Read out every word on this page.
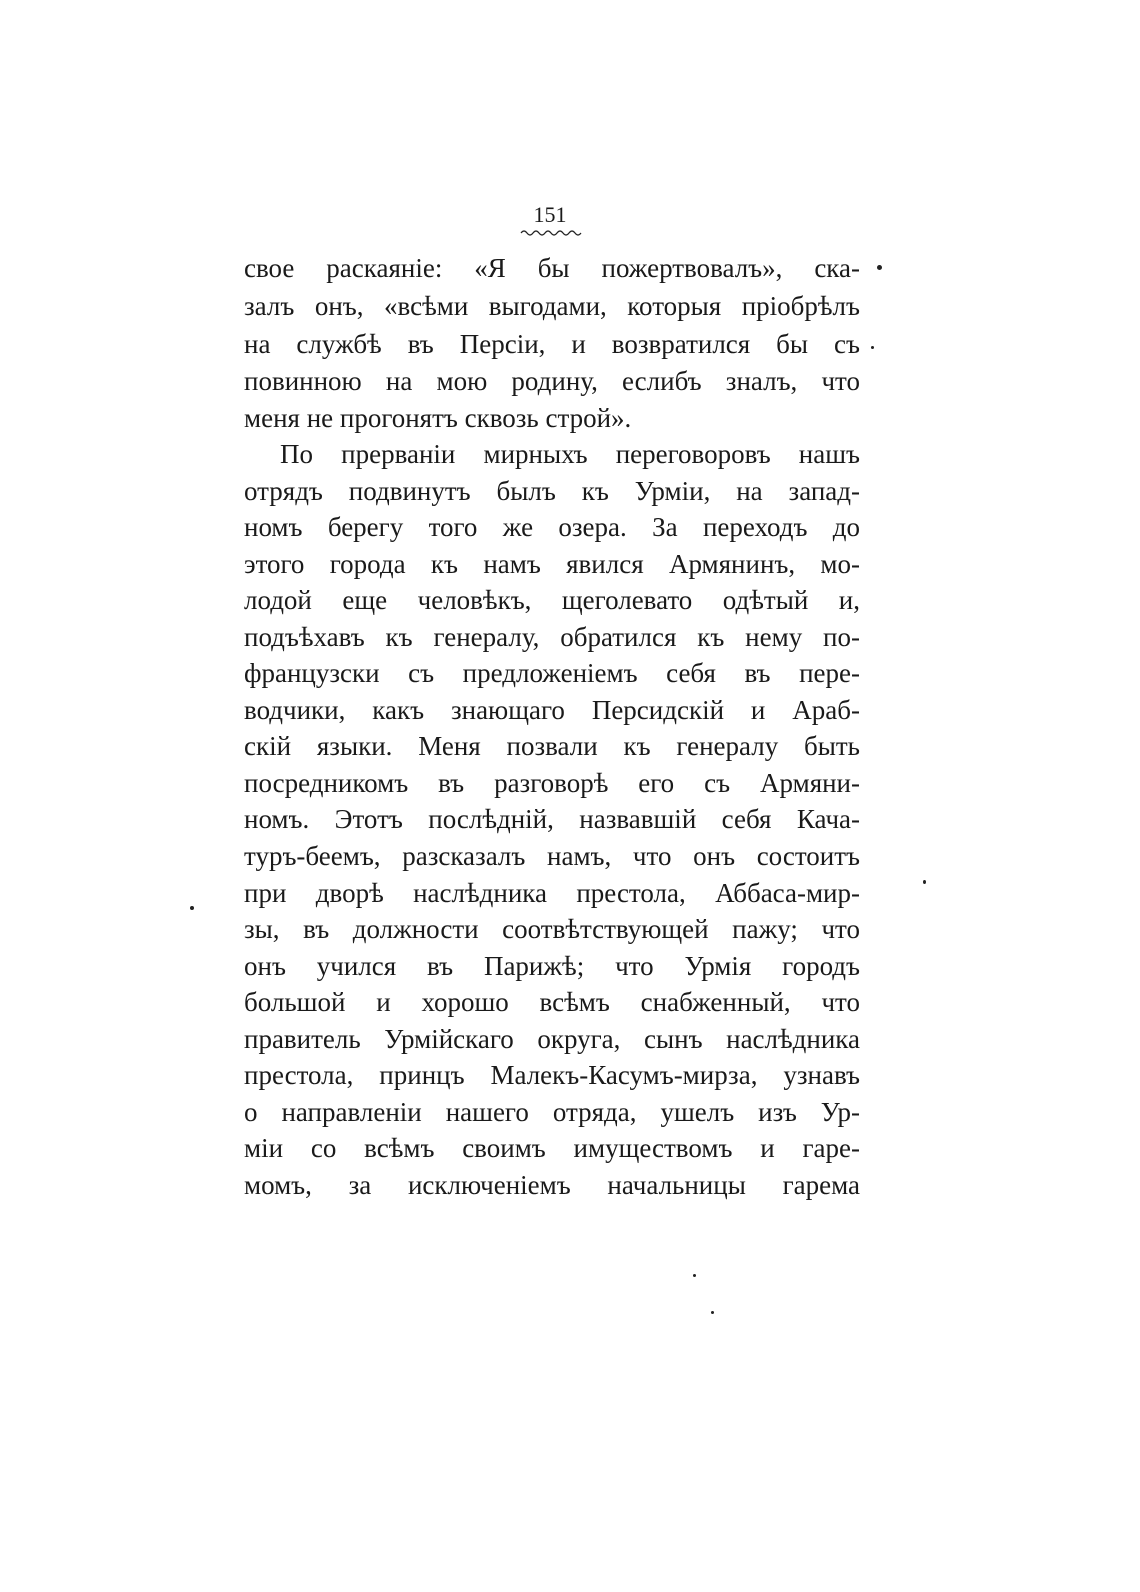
151
свое раскаяніе: «Я бы пожертвовалъ», ска-
залъ онъ, «всѣми выгодами, которыя пріобрѣлъ
на службѣ въ Персіи, и возвратился бы съ
повинною на мою родину, еслибъ зналъ, что
меня не прогонятъ сквозь строй».
По прерваніи мирныхъ переговоровъ нашъ
отрядъ подвинутъ былъ къ Урміи, на запад-
номъ берегу того же озера. За переходъ до
этого города къ намъ явился Армянинъ, мо-
лодой еще человѣкъ, щеголевато одѣтый и,
подъѣхавъ къ генералу, обратился къ нему по-
французски съ предложеніемъ себя въ пере-
водчики, какъ знающаго Персидскій и Араб-
скій языки. Меня позвали къ генералу быть
посредникомъ въ разговорѣ его съ Армяни-
номъ. Этотъ послѣдній, назвавшій себя Кача-
туръ-беемъ, разсказалъ намъ, что онъ состоитъ
при дворѣ наслѣдника престола, Аббаса-мир-
зы, въ должности соотвѣтствующей пажу; что
онъ учился въ Парижѣ; что Урмія городъ
большой и хорошо всѣмъ снабженный, что
правитель Урмійскаго округа, сынъ наслѣдника
престола, принцъ Малекъ-Касумъ-мирза, узнавъ
о направленіи нашего отряда, ушелъ изъ Ур-
міи со всѣмъ своимъ имуществомъ и гаре-
момъ, за исключеніемъ начальницы гарема
